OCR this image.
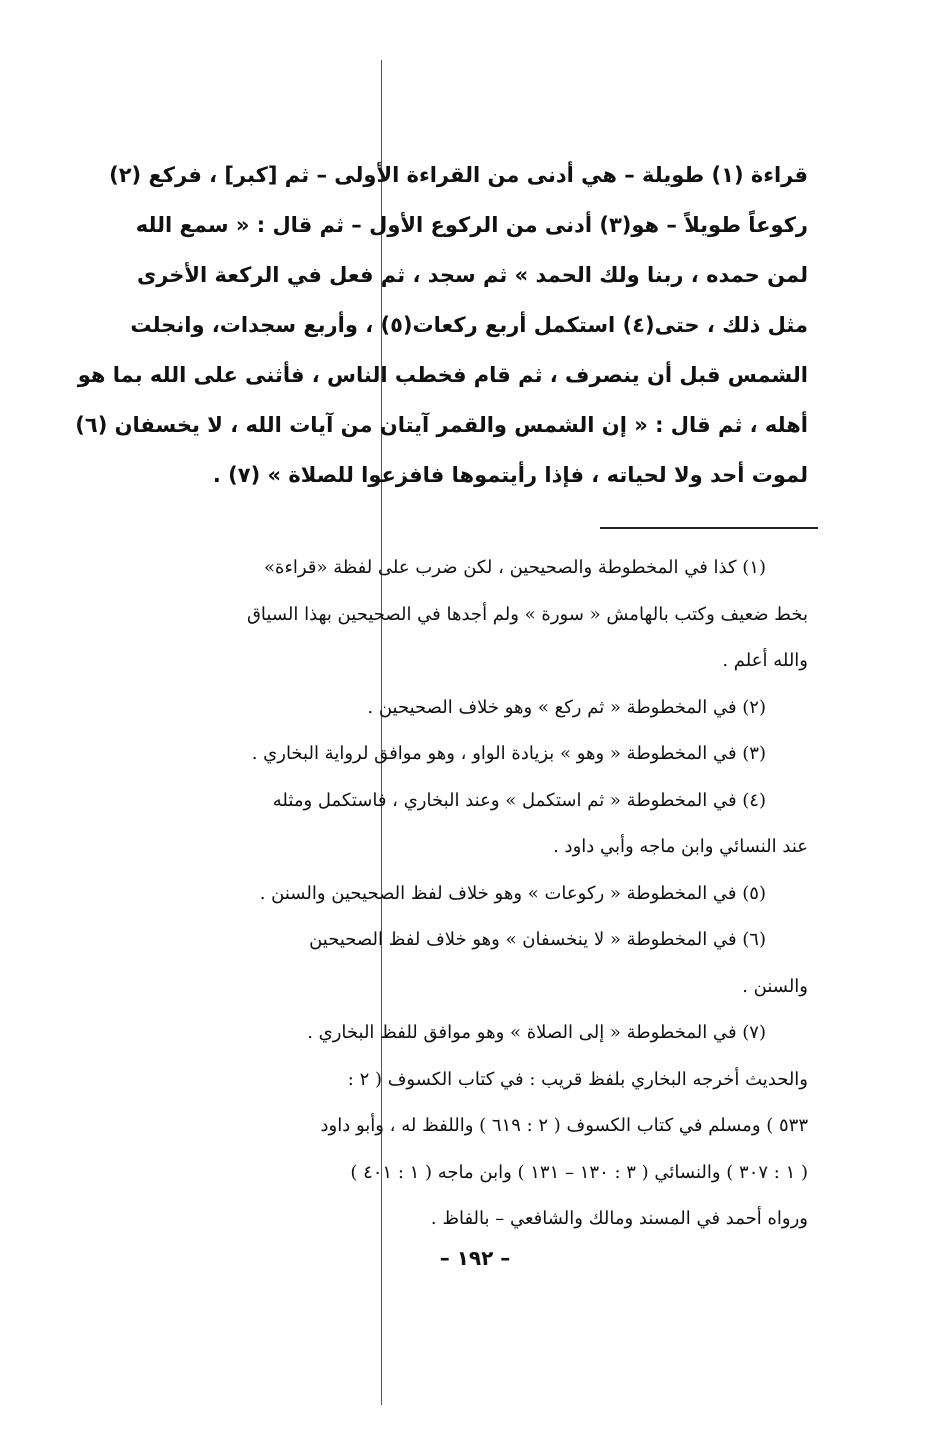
قراءة (١) طويلة – هي أدنى من القراءة الأولى – ثم [كبر] ، فركع (٢)
ركوعاً طويلاً – هو(٣) أدنى من الركوع الأول – ثم قال : « سمع الله
لمن حمده ، ربنا ولك الحمد » ثم سجد ، ثم فعل في الركعة الأخرى
مثل ذلك ، حتى(٤) استكمل أربع ركعات(٥) ، وأربع سجدات، وانجلت
الشمس قبل أن ينصرف ، ثم قام فخطب الناس ، فأثنى على الله بما هو
أهله ، ثم قال : « إن الشمس والقمر آيتان من آيات الله ، لا يخسفان (٦)
لموت أحد ولا لحياته ، فإذا رأيتموها فافزعوا للصلاة » (٧) .
(١) كذا في المخطوطة والصحيحين ، لكن ضرب على لفظة «قراءة»
بخط ضعيف وكتب بالهامش « سورة » ولم أجدها في الصحيحين بهذا السياق
والله أعلم .
(٢) في المخطوطة « ثم ركع » وهو خلاف الصحيحين .
(٣) في المخطوطة « وهو » بزيادة الواو ، وهو موافق لرواية البخاري .
(٤) في المخطوطة « ثم استكمل » وعند البخاري ، فاستكمل ومثله
عند النسائي وابن ماجه وأبي داود .
(٥) في المخطوطة « ركوعات » وهو خلاف لفظ الصحيحين والسنن .
(٦) في المخطوطة « لا ينخسفان » وهو خلاف لفظ الصحيحين
والسنن .
(٧) في المخطوطة « إلى الصلاة » وهو موافق للفظ البخاري .
والحديث أخرجه البخاري بلفظ قريب : في كتاب الكسوف ( ٢ :
٥٣٣ ) ومسلم في كتاب الكسوف ( ٢ : ٦١٩ ) واللفظ له ، وأبو داود
( ١ : ٣٠٧ ) والنسائي ( ٣ : ١٣٠ – ١٣١ ) وابن ماجه ( ١ : ٤٠١ )
ورواه أحمد في المسند ومالك والشافعي – بالفاظ .
– ١٩٢ –
